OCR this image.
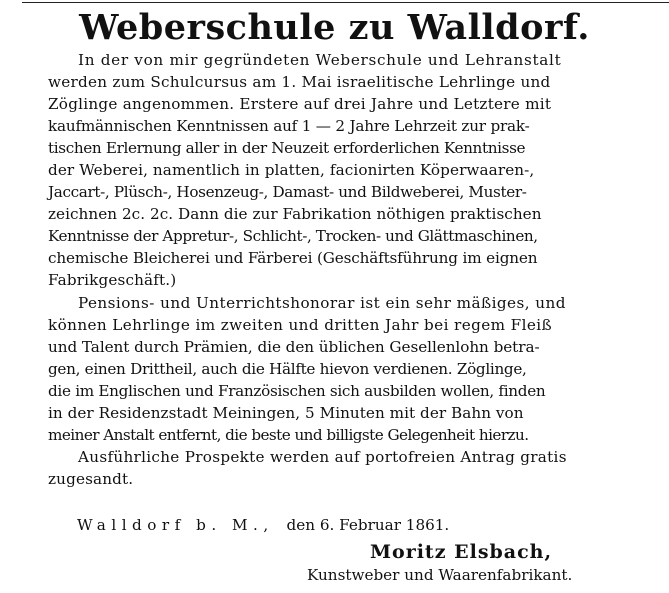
Weberschule zu Walldorf.
In der von mir gegründeten Weberschule und Lehranstalt
werden zum Schulcursus am 1. Mai israelitische Lehrlinge und
Zöglinge angenommen. Erstere auf drei Jahre und Letztere mit
kaufmännischen Kenntnissen auf 1 — 2 Jahre Lehrzeit zur prak-
tischen Erlernung aller in der Neuzeit erforderlichen Kenntnisse
der Weberei, namentlich in platten, facionirten Köperwaaren-,
Jaccart-, Plüsch-, Hosenzeug-, Damast- und Bildweberei, Muster-
zeichnen 2c. 2c. Dann die zur Fabrikation nöthigen praktischen
Kenntnisse der Appretur-, Schlicht-, Trocken- und Glättmaschinen,
chemische Bleicherei und Färberei (Geschäftsführung im eignen
Fabrikgeschäft.)
Pensions- und Unterrichtshonorar ist ein sehr mäßiges, und
können Lehrlinge im zweiten und dritten Jahr bei regem Fleiß
und Talent durch Prämien, die den üblichen Gesellenlohn betra-
gen, einen Drittheil, auch die Hälfte hievon verdienen. Zöglinge,
die im Englischen und Französischen sich ausbilden wollen, finden
in der Residenzstadt Meiningen, 5 Minuten mit der Bahn von
meiner Anstalt entfernt, die beste und billigste Gelegenheit hierzu.
Ausführliche Prospekte werden auf portofreien Antrag gratis
zugesandt.
Walldorf b. M., den 6. Februar 1861.
Moritz Elsbach,
Kunstweber und Waarenfabrikant.
